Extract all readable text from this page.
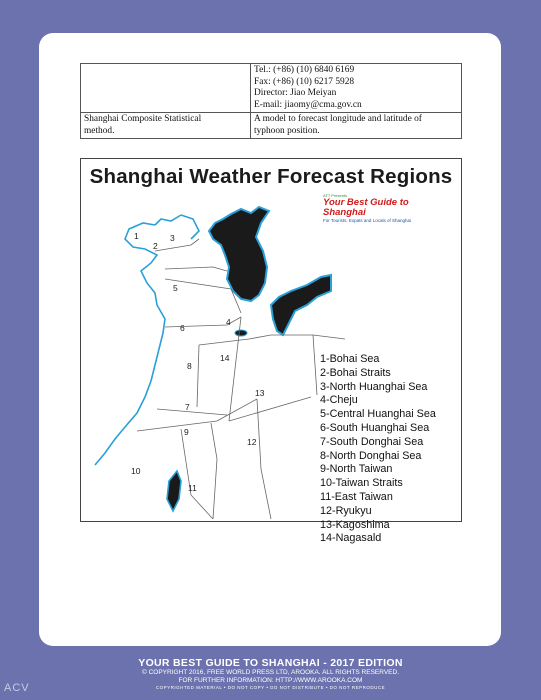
	Tel.: (+86) (10) 6840 6169
Fax: (+86) (10) 6217 5928
Director: Jiao Meiyan
E-mail: jiaomy@cma.gov.cn

Shanghai Composite Statistical
method.	A model to forecast longitude and latitude of
typhoon position.
1
2
3
4
5
6
7
8
9
10
11
12
13
14
Shanghai Weather Forecast Regions
ATT Presents
Your Best Guide to Shanghai
For Tourists, Expats and Locals of Shanghai
1-Bohai Sea
2-Bohai Straits
3-North Huanghai Sea
4-Cheju
5-Central Huanghai Sea
6-South Huanghai Sea
7-South Donghai Sea
8-North Donghai Sea
9-North Taiwan
10-Taiwan Straits
11-East Taiwan
12-Ryukyu
13-Kagoshima
14-Nagasald
YOUR BEST GUIDE TO SHANGHAI - 2017 EDITION
© COPYRIGHT 2016, FREE WORLD PRESS LTD, AROOKA. ALL RIGHTS RESERVED.
FOR FURTHER INFORMATION: HTTP://WWW.AROOKA.COM
COPYRIGHTED MATERIAL • DO NOT COPY • DO NOT DISTRIBUTE • DO NOT REPRODUCE
ACV
